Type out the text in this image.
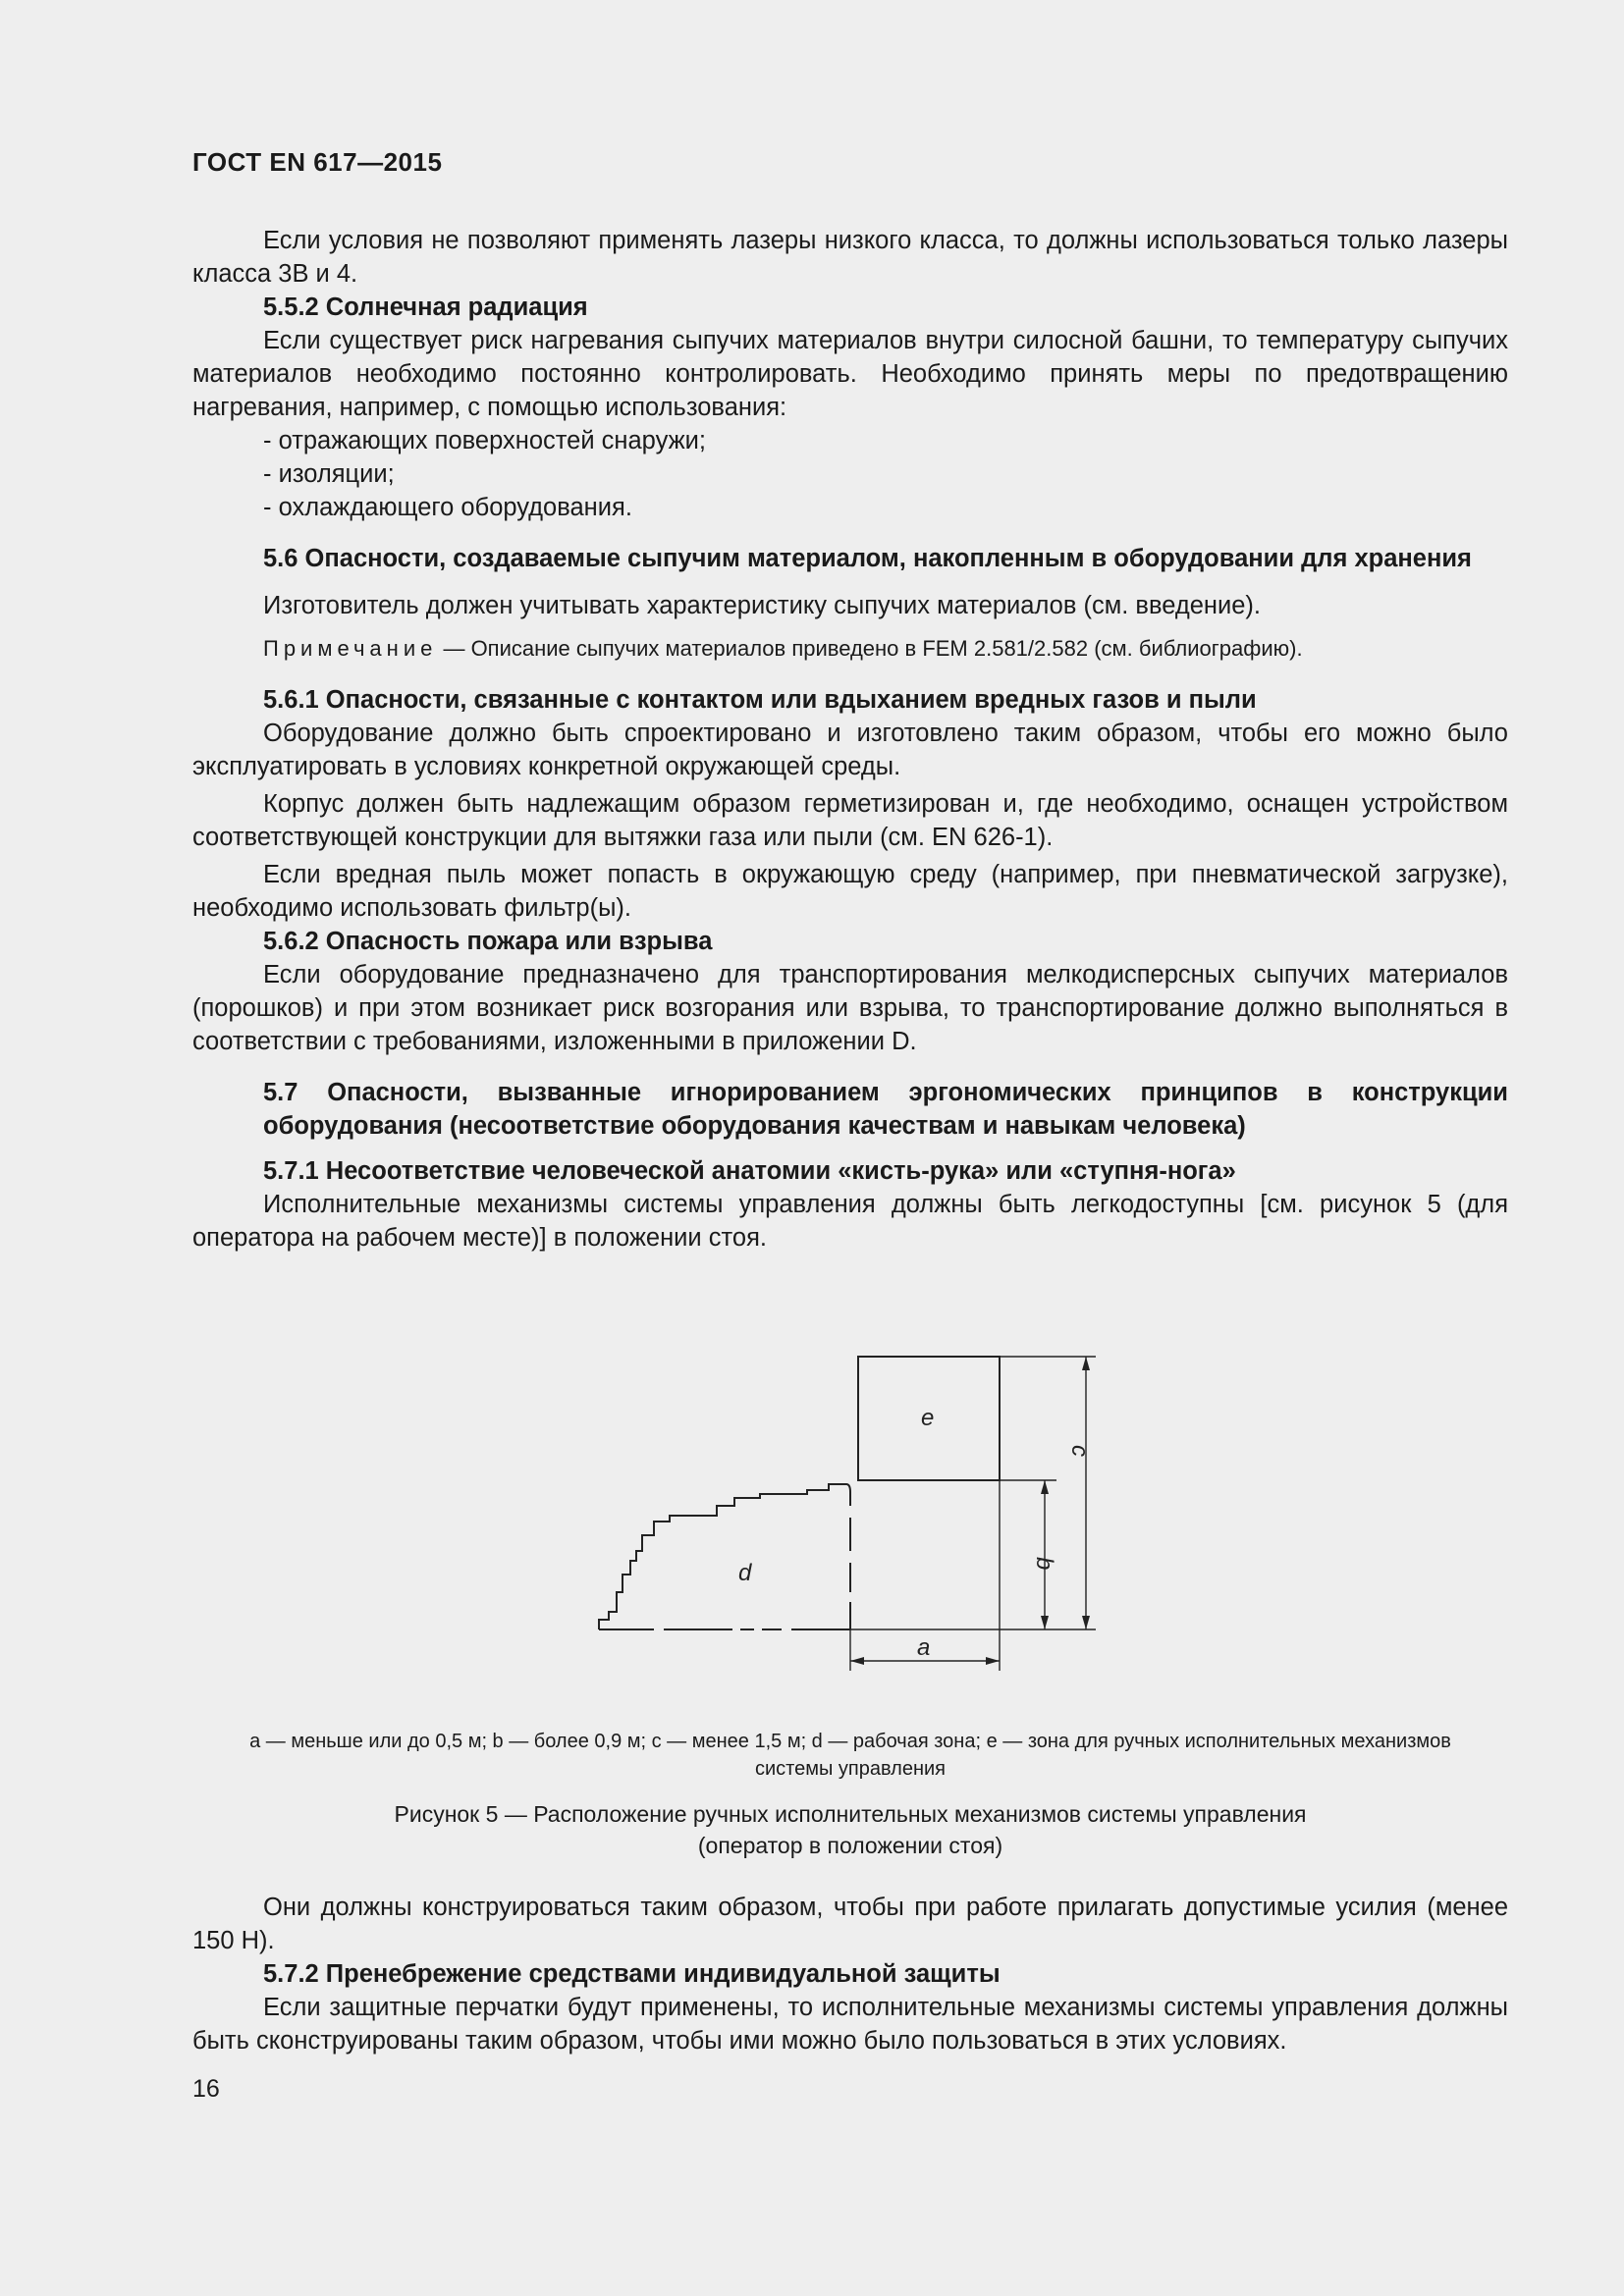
ГОСТ EN 617—2015

Если условия не позволяют применять лазеры низкого класса, то должны использоваться только лазеры класса 3В и 4.

5.5.2 Солнечная радиация

Если существует риск нагревания сыпучих материалов внутри силосной башни, то температуру сыпучих материалов необходимо постоянно контролировать. Необходимо принять меры по предотвращению нагревания, например, с помощью использования:

- отражающих поверхностей снаружи;
- изоляции;
- охлаждающего оборудования.

5.6 Опасности, создаваемые сыпучим материалом, накопленным в оборудовании для хранения

Изготовитель должен учитывать характеристику сыпучих материалов (см. введение).

Примечание — Описание сыпучих материалов приведено в FEM 2.581/2.582 (см. библиографию).

5.6.1 Опасности, связанные с контактом или вдыханием вредных газов и пыли

Оборудование должно быть спроектировано и изготовлено таким образом, чтобы его можно было эксплуатировать в условиях конкретной окружающей среды.

Корпус должен быть надлежащим образом герметизирован и, где необходимо, оснащен устройством соответствующей конструкции для вытяжки газа или пыли (см. EN 626-1).

Если вредная пыль может попасть в окружающую среду (например, при пневматической загрузке), необходимо использовать фильтр(ы).

5.6.2 Опасность пожара или взрыва

Если оборудование предназначено для транспортирования мелкодисперсных сыпучих материалов (порошков) и при этом возникает риск возгорания или взрыва, то транспортирование должно выполняться в соответствии с требованиями, изложенными в приложении D.

5.7 Опасности, вызванные игнорированием эргономических принципов в конструкции оборудования (несоответствие оборудования качествам и навыкам человека)

5.7.1 Несоответствие человеческой анатомии «кисть-рука» или «ступня-нога»

Исполнительные механизмы системы управления должны быть легкодоступны [см. рисунок 5 (для оператора на рабочем месте)] в положении стоя.

e
d
a
b
c
а — меньше или до 0,5 м; b — более 0,9 м; с — менее 1,5 м; d — рабочая зона; е — зона для ручных исполнительных механизмов
системы управления
Рисунок 5 — Расположение ручных исполнительных механизмов системы управления
(оператор в положении стоя)

Они должны конструироваться таким образом, чтобы при работе прилагать допустимые усилия (менее 150 Н).

5.7.2 Пренебрежение средствами индивидуальной защиты

Если защитные перчатки будут применены, то исполнительные механизмы системы управления должны быть сконструированы таким образом, чтобы ими можно было пользоваться в этих условиях.

16
